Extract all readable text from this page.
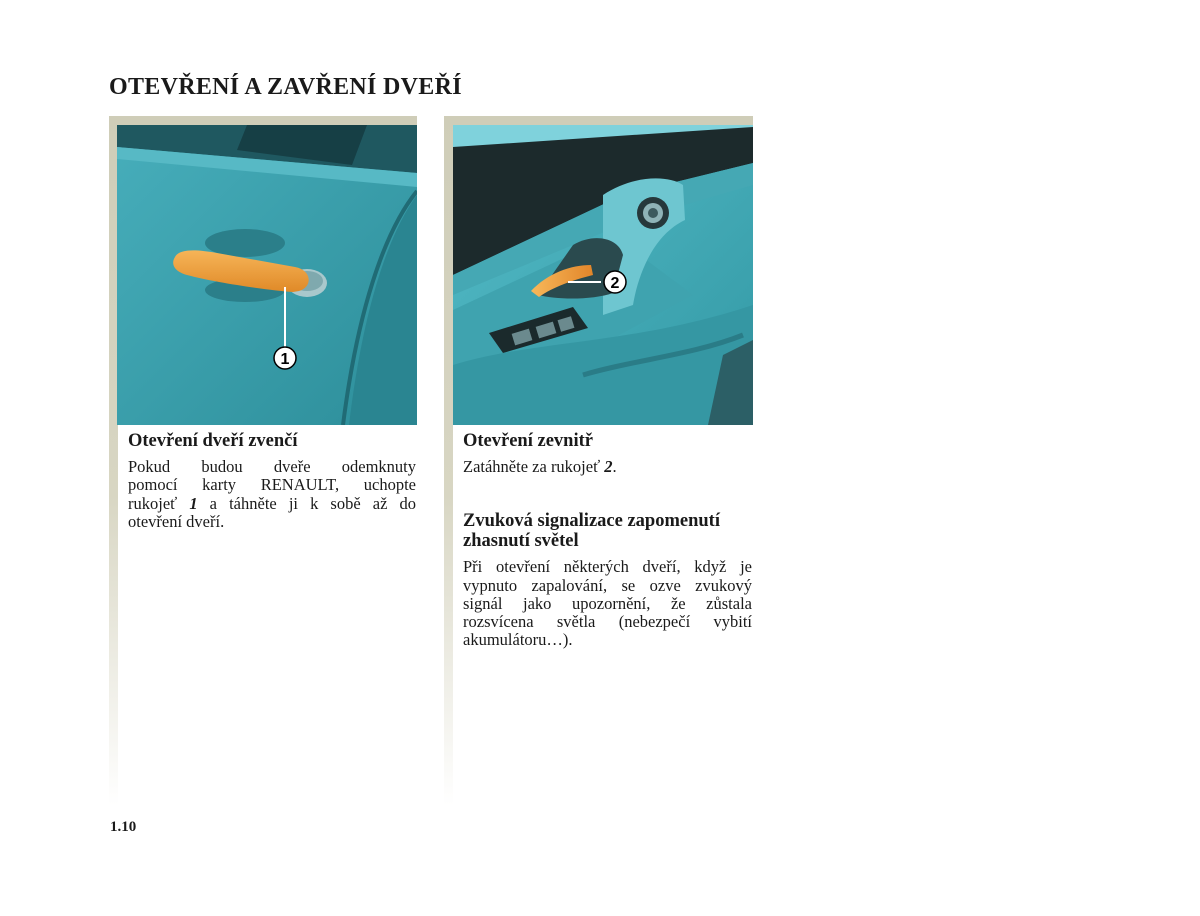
OTEVŘENÍ A ZAVŘENÍ DVEŘÍ
1
2
Otevření dveří zvenčí
Pokud budou dveře odemknuty
pomocí karty RENAULT, uchopte
rukojeť 1 a táhněte ji k sobě až do
otevření dveří.
Otevření zevnitř

Zatáhněte za rukojeť 2.

Zvuková signalizace zapomenutí
zhasnutí světel
Při otevření některých dveří, když je
vypnuto zapalování, se ozve zvukový
signál jako upozornění, že zůstala
rozsvícena světla (nebezpečí vybití
akumulátoru…).
1.10
